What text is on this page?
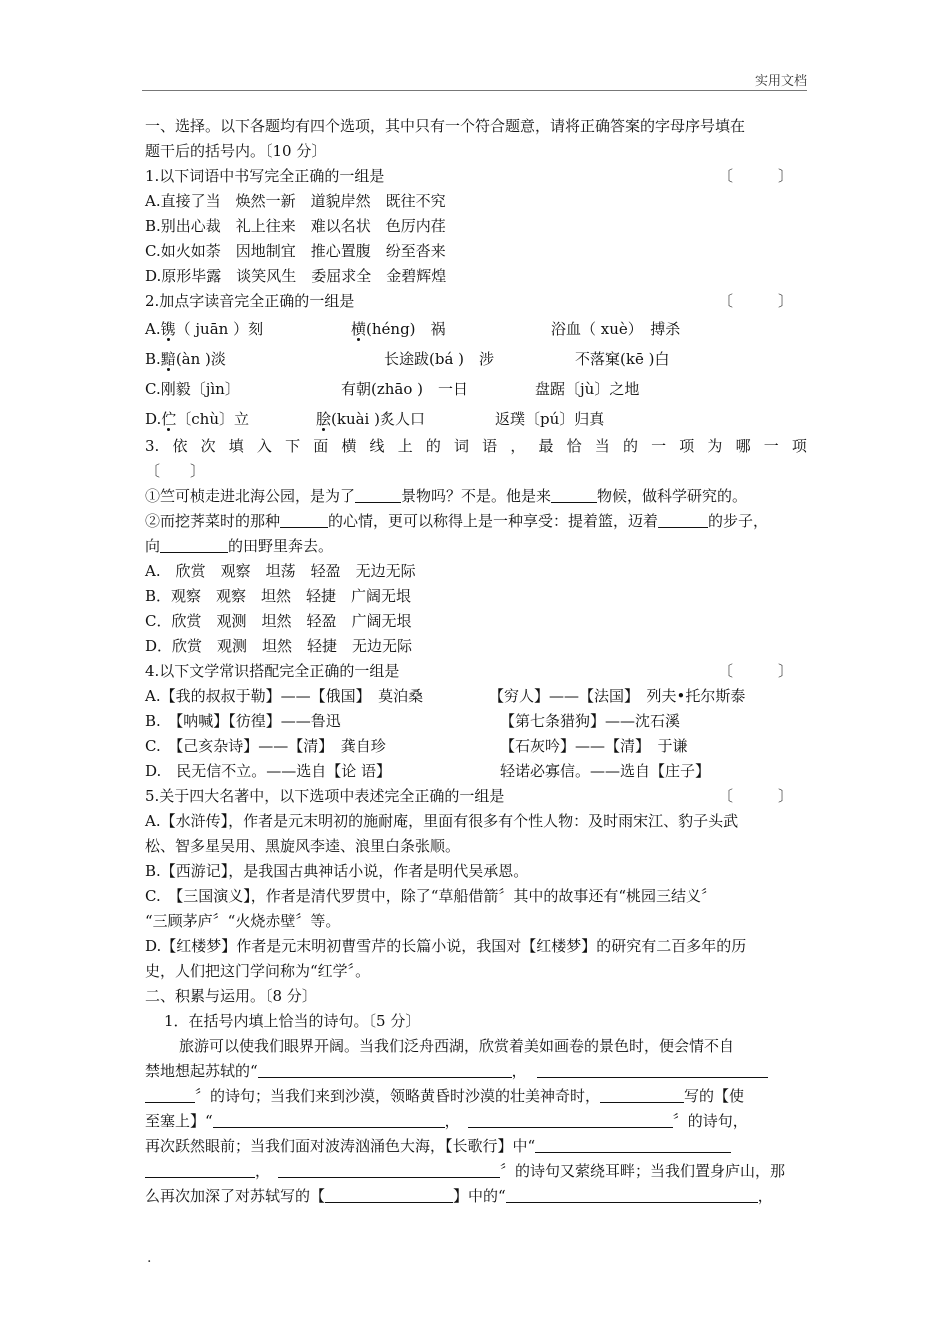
实用文档
一、选择。以下各题均有四个选项，其中只有一个符合题意，请将正确答案的字母序号填在
题干后的括号内。〔10 分〕
1.以下词语中书写完全正确的一组是	〔　　　〕
A.直接了当　焕然一新　道貌岸然　既往不究
B.别出心裁　礼上往来　难以名状　色厉内荏
C.如火如荼　因地制宜　推心置腹　纷至沓来
D.原形毕露　谈笑风生　委屈求全　金碧辉煌
2.加点字读音完全正确的一组是	〔　　　〕
A.镌（ juān ）刻	横(héng)　祸	浴血（ xuè）　搏杀
B.黯(àn )淡	长途跋(bá )　涉	不落窠(kē )白
C.刚毅〔jìn〕	有朝(zhāo )　一日	盘踞〔jù〕之地
D.伫〔chù〕立	脍(kuài )炙人口	返璞〔pú〕归真
3. 依 次 填 入 下 面 横 线 上 的 词 语 ， 最 恰 当 的 一 项 为 哪 一 项
〔　　〕
①竺可桢走进北海公园，是为了	景物吗？不是。他是来	物候，做科学研究的。
②而挖荠菜时的那种	的心情，更可以称得上是一种享受：提着篮，迈着	的步子，
向	的田野里奔去。
A.　欣赏　观察　坦荡　轻盈　无边无际
B．观察　观察　坦然　轻捷　广阔无垠
C．欣赏　观测　坦然　轻盈　广阔无垠
D．欣赏　观测　坦然　轻捷　无边无际
4.以下文学常识搭配完全正确的一组是	〔　　　〕
A.【我的叔叔于勒】——【俄国】　莫泊桑	【穷人】——【法国】　列夫•托尔斯泰
B.　【呐喊】【彷徨】——鲁迅	【第七条猎狗】——沈石溪
C.　【己亥杂诗】——【清】　龚自珍	【石灰吟】——【清】　于谦
D.　民无信不立。——选自【论 语】	轻诺必寡信。——选自【庄子】
5.关于四大名著中，以下选项中表述完全正确的一组是	〔　　　〕
A.【水浒传】，作者是元末明初的施耐庵，里面有很多有个性人物：及时雨宋江、豹子头武
松、智多星吴用、黑旋风李逵、浪里白条张顺。
B.【西游记】，是我国古典神话小说，作者是明代吴承恩。
C.　【三国演义】，作者是清代罗贯中，除了“草船借箭〞其中的故事还有“桃园三结义〞
“三顾茅庐〞“火烧赤壁〞等。
D.【红楼梦】作者是元末明初曹雪芹的长篇小说，我国对【红楼梦】的研究有二百多年的历
史，人们把这门学问称为“红学〞。
二、积累与运用。〔8 分〕
1．在括号内填上恰当的诗句。〔5 分〕
旅游可以使我们眼界开阔。当我们泛舟西湖，欣赏着美如画卷的景色时，便会情不自
禁地想起苏轼的“	，
〞的诗句；当我们来到沙漠，领略黄昏时沙漠的壮美神奇时，	写的【使
至塞上】“	，	〞的诗句，
再次跃然眼前；当我们面对波涛汹涌色大海，【长歌行】中“
，	〞的诗句又萦绕耳畔；当我们置身庐山，那
么再次加深了对苏轼写的【	】中的“	，
.
